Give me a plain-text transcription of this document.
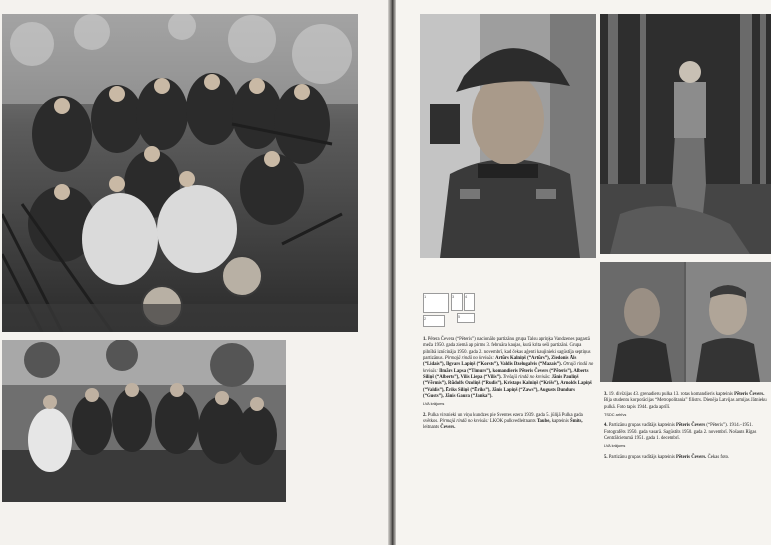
1
2
3	4
5

1. Pētera Čevera (“Pēteris”) nacionālo partizānu grupa Talsu apriņķa Vandzenes pagastā meža 1950. gada ziemā ap pirms 3. februāra kaujas, kurā krita seši partizāni. Grupa pilnībā iznīcināja 1950. gada 2. novembrī, kad čekas aģenti kaujinieki sagūstīja septiņus partizānus. Pirmajā rindā no kreisās: Artūrs Kalniņš (“Artūrs”), Ziedonis Āls (“Lidais”), Ilgvars Lapiņš (“Korsts”), Valdis Dzelugalvis (“Mazais”). Otrajā rindā no kreisās: Ilmārs Lapsa (“Timurs”), komandieris Pēteris Čevers (“Pēteris”), Alberts Siliņš (“Alberts”), Vilis Liepa (“Vilis”). Trešajā rindā no kreisās: Jānis Pauliņš (“Vērmis”), Rūdolfs Ozoliņš (“Rudis”), Kristaps Kalniņš (“Krišs”), Arnolds Lapiņš (“Valdis”), Ēriks Siliņš (“Ēriks”), Jānis Lapiņš (“Zaws”), Augusts Dundurs (“Gusts”), Jānis Gaura (“Janka”).
LVA krājums

2. Pulka virsnieki un viņu kundzes pie Sventes ezera 1939. gada 5. jūlijā Pulka gada svētkos. Pirmajā rindā no kreisās: LKOK pulkvedleitnants Taube, kapteinis Šmits, leitnants Čevers.

3. 19. divīzijas 43. grenadieru pulka 13. rotas komandieris kapteinis Pēteris Čevers. Bija studentu korporācijas “Metropolitania” filistrs. Dienēja Latvijas armijas Jātnieku pulkā. Foto tapis 1944. gada aprīlī.
TSDC arhīvs

4. Partizānu grupas vadītājs kapteinis Pēteris Čevers (“Pēteris”). 1914.–1951. Fotografēts 1950. gada vasarā. Sagūstīts 1950. gada 2. novembrī. Nošauts Rīgas Centrālcietumā 1951. gada 1. decembrī.
LVA krājums

5. Partizānu grupas vadītājs kapteinis Pēteris Čevers. Čekas foto.
